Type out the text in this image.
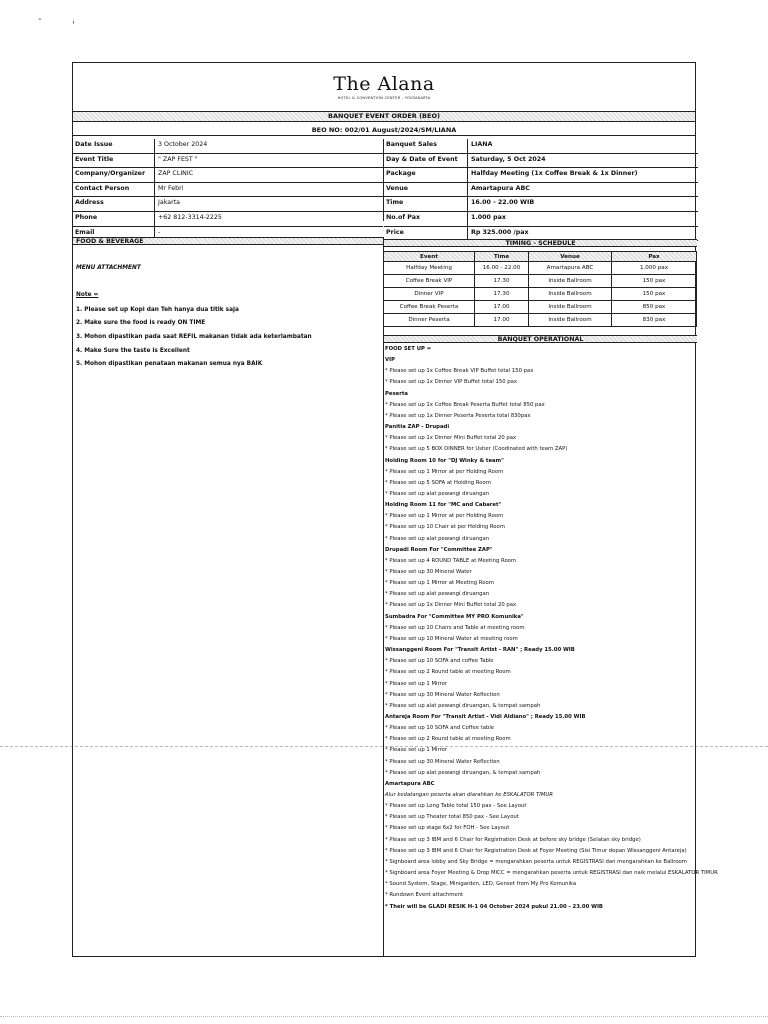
-
'
The Alana
HOTEL & CONVENTION CENTER - YOGYAKARTA
BANQUET EVENT ORDER (BEO)
BEO NO: 002/01 August/2024/SM/LIANA
Date Issue	3 October 2024
Event Title	" ZAP FEST "
Company/Organizer	ZAP CLINIC
Contact Person	Mr Febri
Address	Jakarta
Phone	+62 812-3314-2225
Email	-
Banquet Sales	LIANA
Day & Date of Event	Saturday, 5 Oct 2024
Package	Halfday Meeting (1x Coffee Break & 1x Dinner)
Venue	Amartapura ABC
Time	16.00 - 22.00 WIB
No.of Pax	1.000 pax
Price	Rp 325.000 /pax
FOOD & BEVERAGE	TIMING - SCHEDULE
MENU ATTACHMENT
Note =
1. Please set up Kopi dan Teh hanya dua titik saja
2. Make sure the food is ready ON TIME
3. Mohon dipastikan pada saat REFIL makanan tidak ada keterlambatan
4. Make Sure the taste is Excellent
5. Mohon dipastikan penataan makanan semua nya BAIK
Event	Time	Venue	Pax
Halfday Meeting	16.00 - 22.00	Amartapura ABC	1.000 pax
Coffee Break VIP	17.30	Inside Ballroom	150 pax
Dinner VIP	17.30	Inside Ballroom	150 pax
Coffee Break Peserta	17.00	Inside Ballroom	850 pax
Dinner Peserta	17.00	Inside Ballroom	830 pax
BANQUET OPERATIONAL
FOOD SET UP =
VIP
* Please set up 1x Coffee Break VIP Buffet total 150 pax
* Please set up 1x Dinner VIP Buffet total 150 pax
Peserta
* Please set up 1x Coffee Break Peserta Buffet total 850 pax
* Please set up 1x Dinner Peserta Peserta total 830pax
Panitia ZAP - Drupadi
* Please set up 1x Dinner Mini Buffet total 20 pax
* Please set up 5 BOX DINNER for Usher (Coodinated with team ZAP)
Holding Room 10 for "DJ Winky & team"
* Please set up 1 Mirror at per Holding Room
* Please set up 5 SOFA at Holding Room
* Please set up alat pewangi diruangan
Holding Room 11 for "MC and Cabaret"
* Please set up 1 Mirror at per Holding Room
* Please set up 10 Chair at per Holding Room
* Please set up alat pewangi diruangan
Drupadi Room For "Committee ZAP"
* Please set up 4 ROUND TABLE at Meeting Room
* Please set up 30 Mineral Water
* Please set up 1 Mirror at Meeting Room
* Please set up alat pewangi diruangan
* Please set up 1x Dinner Mini Buffet total 20 pax
Sumbadra For "Committee MY PRO Komunika"
* Please set up 10 Chairs and Table at meeting room
* Please set up 10 Mineral Water at meeting room
Wissanggeni Room For "Transit Artist - RAN" ; Ready 15.00 WIB
* Please set up 10 SOFA and coffee Table
* Please set up 2 Round table at meeting Room
* Please set up 1 Mirror
* Please set up 30 Mineral Water Reflection
* Please set up alat pewangi diruangan, & tempat sampah
Antareja Room For "Transit Artist - Vidi Aldiano" ; Ready 15.00 WIB
* Please set up 10 SOFA and Coffee table
* Please set up 2 Round table at meeting Room
* Please set up 1 Mirror
* Please set up 30 Mineral Water Reflection
* Please set up alat pewangi diruangan, & tempat sampah
Amartapura ABC
Alur kedatangan peserta akan diarahkan ke ESKALATOR TIMUR
* Please set up Long Table total 150 pax - See Layout
* Please set up Theater total 850 pax - See Layout
* Please set up stage 6x2 for FOH - See Layout
* Please set up 3 IBM and 6 Chair for Registration Desk at before sky bridge (Selatan sky bridge)
* Please set up 3 IBM and 6 Chair for Registration Desk at Foyer Meeting (Sisi Timur depan Wissanggeni Antareja)
* Signboard area lobby and Sky Bridge = mengarahkan peserta untuk REGISTRASI dan mengarahkan ke Ballroom
* Signboard area Foyer Meeting & Drop MICC = mengarahkan peserta untuk REGISTRASI dan naik melalui ESKALATOR TIMUR
* Sound System, Stage, Minigarden, LED, Genset from My Pro Komunika
* Rundown Event attachment
* Their will be GLADI RESIK H-1 04 October 2024 pukul 21.00 - 23.00 WIB
